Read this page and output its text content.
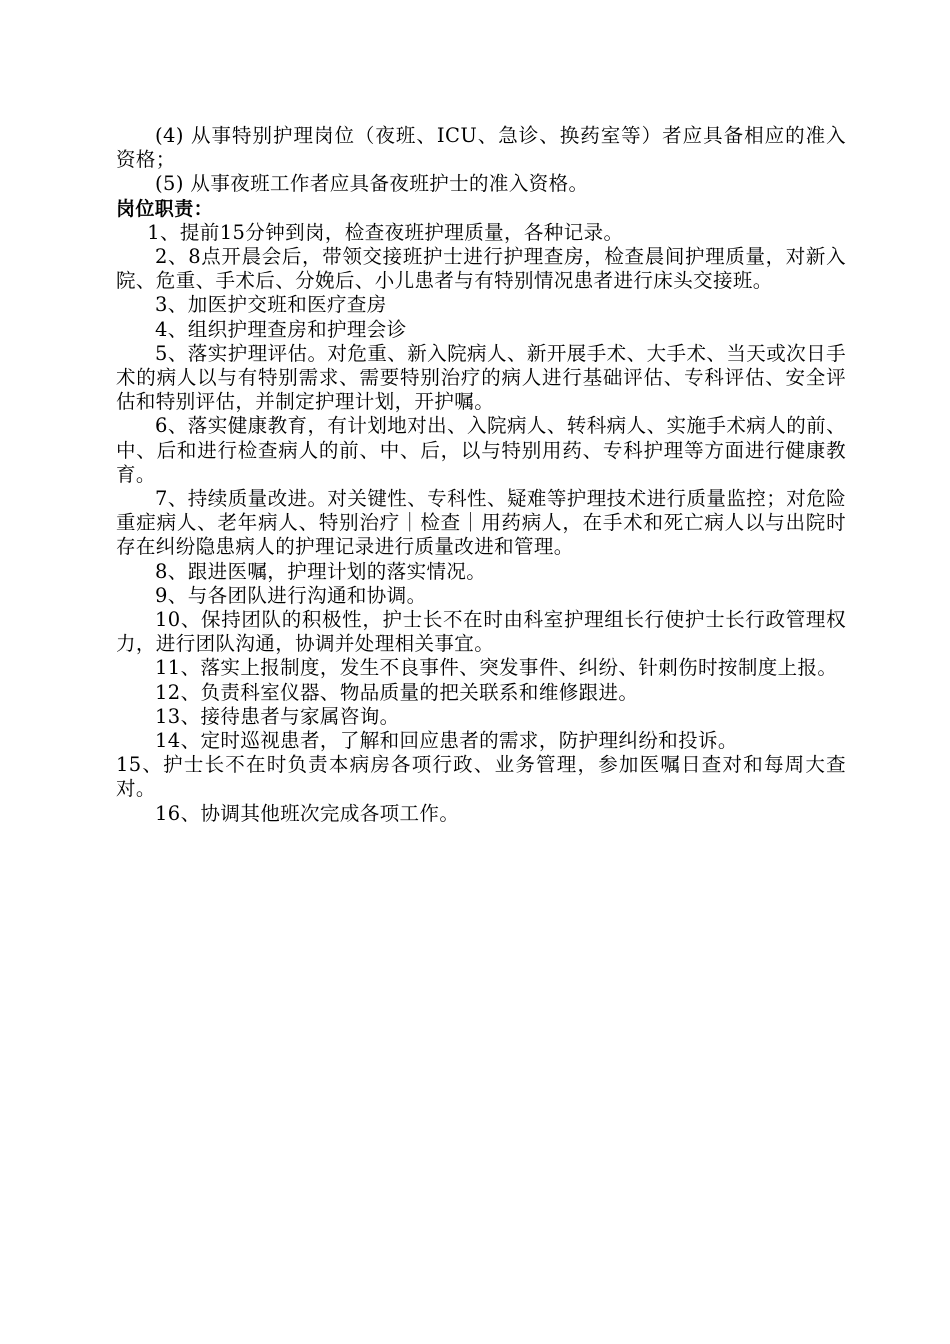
(4) 从事特别护理岗位（夜班、ICU、急诊、换药室等）者应具备相应的准入资格；

(5) 从事夜班工作者应具备夜班护士的准入资格。

岗位职责：

1、提前15分钟到岗，检查夜班护理质量，各种记录。

2、8点开晨会后，带领交接班护士进行护理查房，检查晨间护理质量，对新入院、危重、手术后、分娩后、小儿患者与有特别情况患者进行床头交接班。

3、加医护交班和医疗查房

4、组织护理查房和护理会诊

5、落实护理评估。对危重、新入院病人、新开展手术、大手术、当天或次日手术的病人以与有特别需求、需要特别治疗的病人进行基础评估、专科评估、安全评估和特别评估，并制定护理计划，开护嘱。

6、落实健康教育，有计划地对出、入院病人、转科病人、实施手术病人的前、中、后和进行检查病人的前、中、后，以与特别用药、专科护理等方面进行健康教育。

7、持续质量改进。对关键性、专科性、疑难等护理技术进行质量监控；对危险重症病人、老年病人、特别治疗｜检查｜用药病人，在手术和死亡病人以与出院时存在纠纷隐患病人的护理记录进行质量改进和管理。

8、跟进医嘱，护理计划的落实情况。

9、与各团队进行沟通和协调。

10、保持团队的积极性，护士长不在时由科室护理组长行使护士长行政管理权力，进行团队沟通，协调并处理相关事宜。

11、落实上报制度，发生不良事件、突发事件、纠纷、针刺伤时按制度上报。

12、负责科室仪器、物品质量的把关联系和维修跟进。

13、接待患者与家属咨询。

14、定时巡视患者，了解和回应患者的需求，防护理纠纷和投诉。

15、护士长不在时负责本病房各项行政、业务管理，参加医嘱日查对和每周大查对。

16、协调其他班次完成各项工作。
